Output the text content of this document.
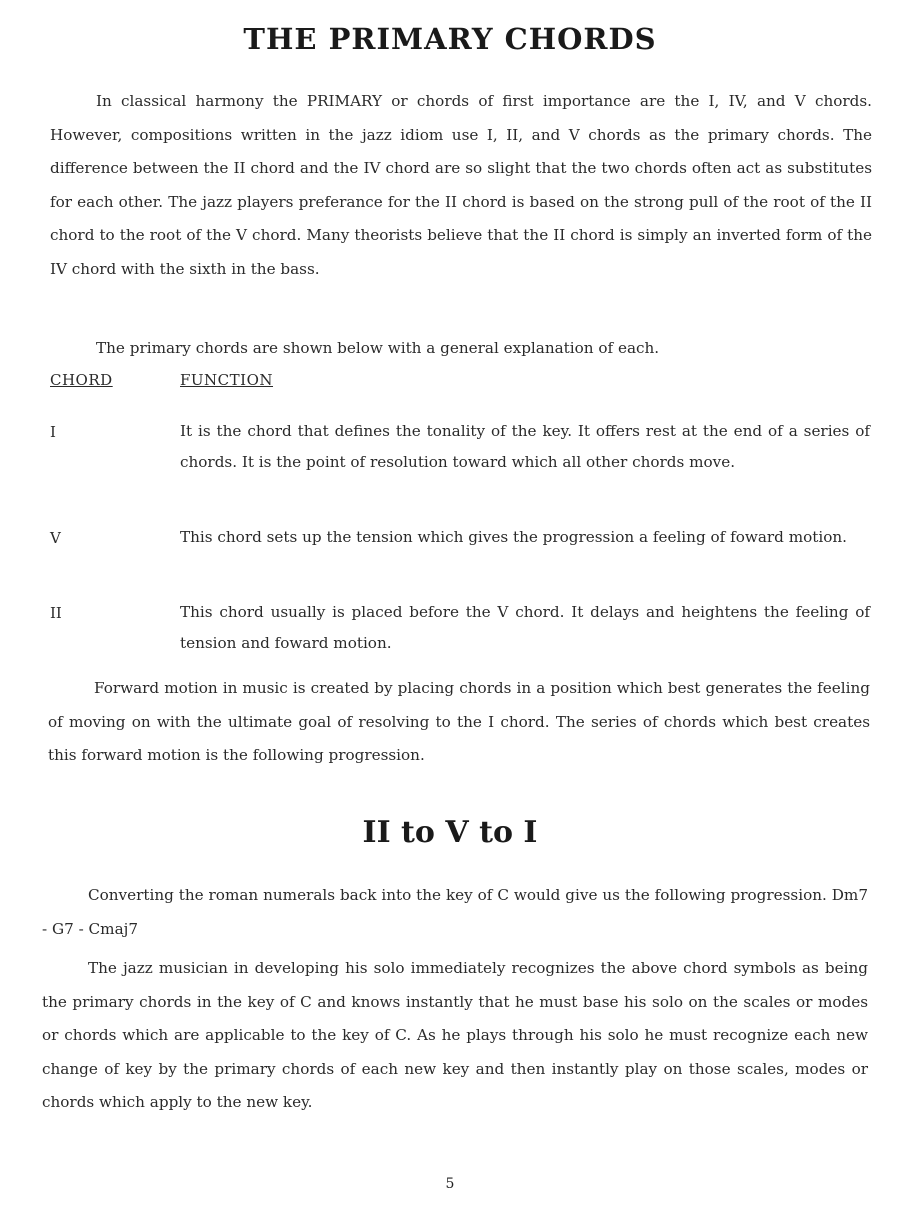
THE PRIMARY CHORDS
In classical harmony the PRIMARY or chords of first importance are the I, IV, and V chords. However, compositions written in the jazz idiom use I, II, and V chords as the primary chords. The difference between the II chord and the IV chord are so slight that the two chords often act as substitutes for each other. The jazz players preferance for the II chord is based on the strong pull of the root of the II chord to the root of the V chord. Many theorists believe that the II chord is simply an inverted form of the IV chord with the sixth in the bass.
The primary chords are shown below with a general explanation of each.
CHORD	FUNCTION
I	It is the chord that defines the tonality of the key. It offers rest at the end of a series of chords. It is the point of resolution toward which all other chords move.
V	This chord sets up the tension which gives the progression a feeling of foward motion.
II	This chord usually is placed before the V chord. It delays and heightens the feeling of tension and foward motion.
Forward motion in music is created by placing chords in a position which best generates the feeling of moving on with the ultimate goal of resolving to the I chord. The series of chords which best creates this forward motion is the following progression.
II to V to I
Converting the roman numerals back into the key of C would give us the following progression. Dm7 - G7 - Cmaj7
The jazz musician in developing his solo immediately recognizes the above chord symbols as being the primary chords in the key of C and knows instantly that he must base his solo on the scales or modes or chords which are applicable to the key of C. As he plays through his solo he must recognize each new change of key by the primary chords of each new key and then instantly play on those scales, modes or chords which apply to the new key.
5
